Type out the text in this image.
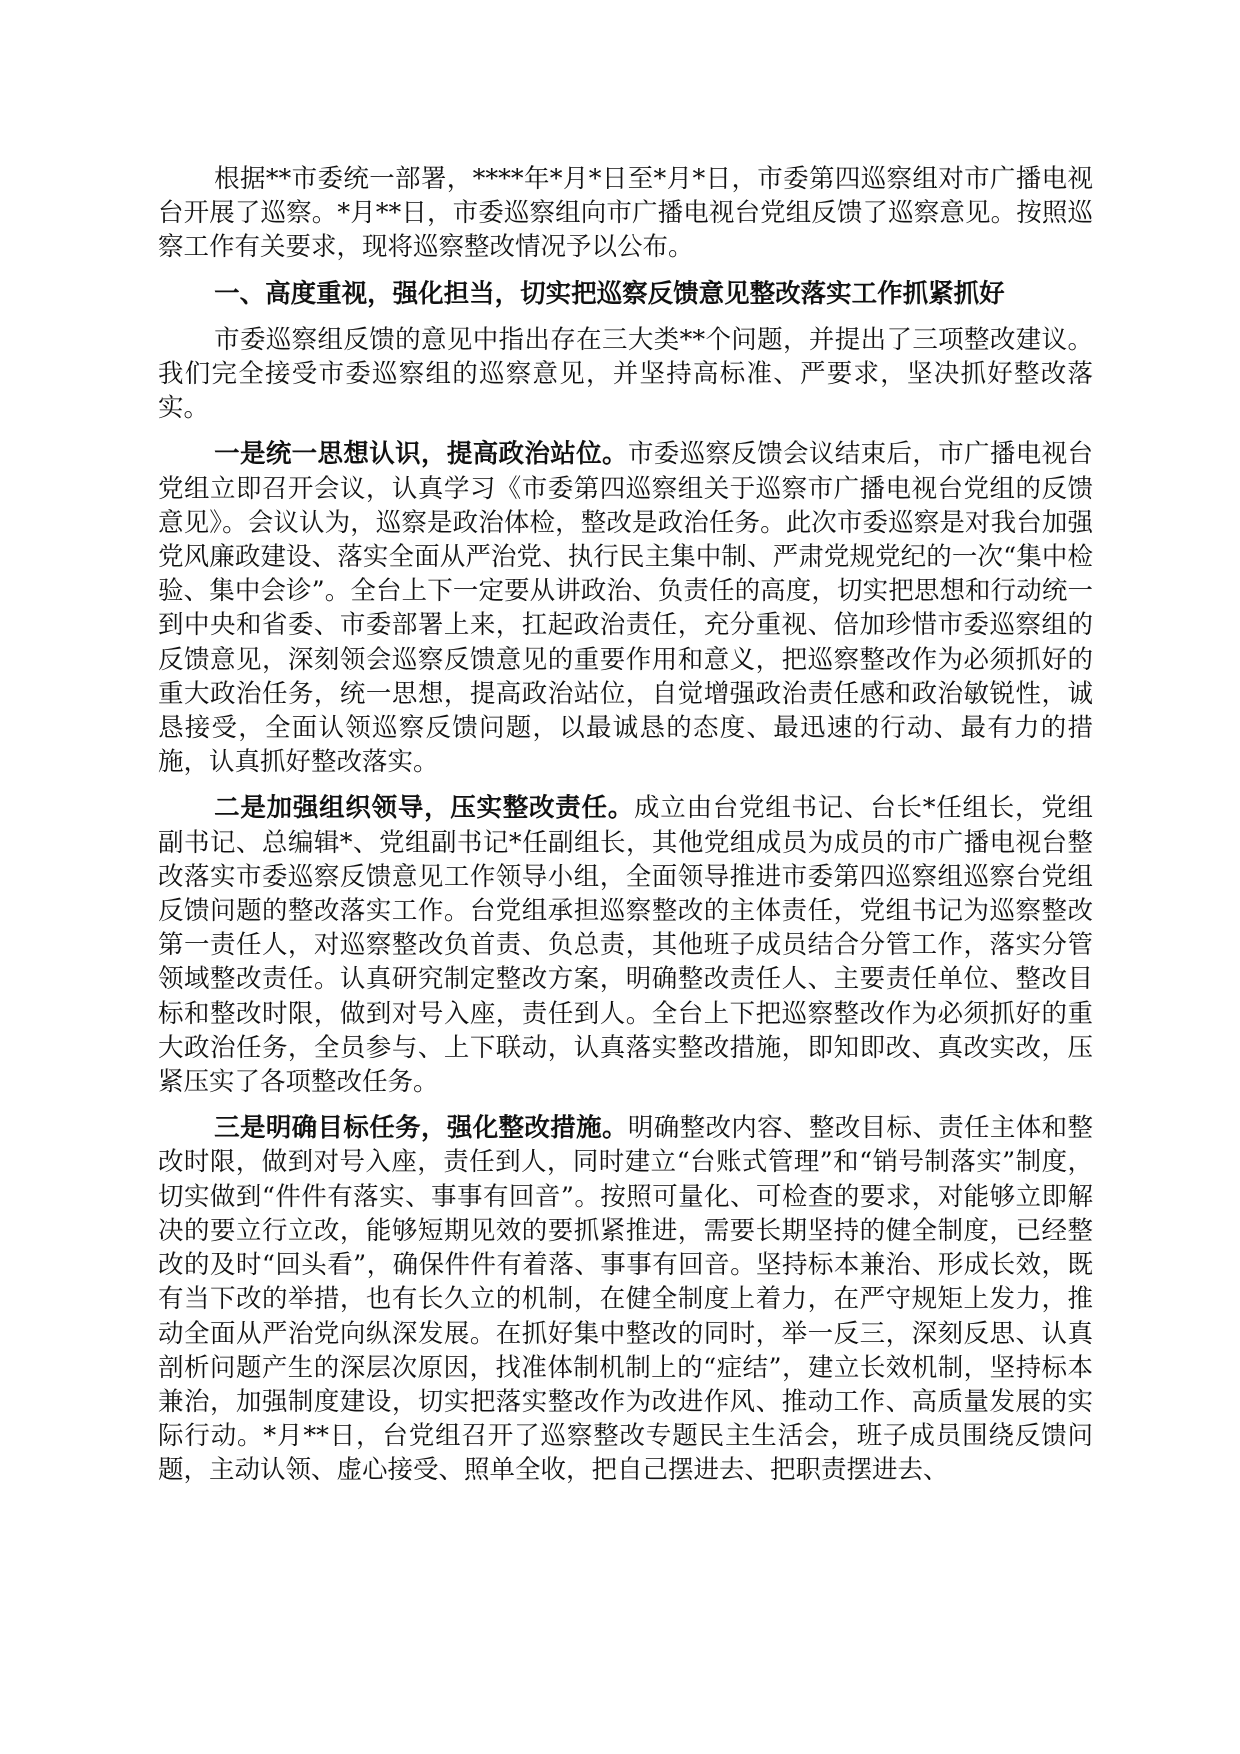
根据**市委统一部署，****年*月*日至*月*日，市委第四巡察组对市广播电视台开展了巡察。*月**日，市委巡察组向市广播电视台党组反馈了巡察意见。按照巡察工作有关要求，现将巡察整改情况予以公布。

一、高度重视，强化担当，切实把巡察反馈意见整改落实工作抓紧抓好

市委巡察组反馈的意见中指出存在三大类**个问题，并提出了三项整改建议。我们完全接受市委巡察组的巡察意见，并坚持高标准、严要求，坚决抓好整改落实。

一是统一思想认识，提高政治站位。市委巡察反馈会议结束后，市广播电视台党组立即召开会议，认真学习《市委第四巡察组关于巡察市广播电视台党组的反馈意见》。会议认为，巡察是政治体检，整改是政治任务。此次市委巡察是对我台加强党风廉政建设、落实全面从严治党、执行民主集中制、严肃党规党纪的一次“集中检验、集中会诊”。全台上下一定要从讲政治、负责任的高度，切实把思想和行动统一到中央和省委、市委部署上来，扛起政治责任，充分重视、倍加珍惜市委巡察组的反馈意见，深刻领会巡察反馈意见的重要作用和意义，把巡察整改作为必须抓好的重大政治任务，统一思想，提高政治站位，自觉增强政治责任感和政治敏锐性，诚恳接受，全面认领巡察反馈问题，以最诚恳的态度、最迅速的行动、最有力的措施，认真抓好整改落实。

二是加强组织领导，压实整改责任。成立由台党组书记、台长*任组长，党组副书记、总编辑*、党组副书记*任副组长，其他党组成员为成员的市广播电视台整改落实市委巡察反馈意见工作领导小组，全面领导推进市委第四巡察组巡察台党组反馈问题的整改落实工作。台党组承担巡察整改的主体责任，党组书记为巡察整改第一责任人，对巡察整改负首责、负总责，其他班子成员结合分管工作，落实分管领域整改责任。认真研究制定整改方案，明确整改责任人、主要责任单位、整改目标和整改时限，做到对号入座，责任到人。全台上下把巡察整改作为必须抓好的重大政治任务，全员参与、上下联动，认真落实整改措施，即知即改、真改实改，压紧压实了各项整改任务。

三是明确目标任务，强化整改措施。明确整改内容、整改目标、责任主体和整改时限，做到对号入座，责任到人，同时建立“台账式管理”和“销号制落实”制度，切实做到“件件有落实、事事有回音”。按照可量化、可检查的要求，对能够立即解决的要立行立改，能够短期见效的要抓紧推进，需要长期坚持的健全制度，已经整改的及时“回头看”，确保件件有着落、事事有回音。坚持标本兼治、形成长效，既有当下改的举措，也有长久立的机制，在健全制度上着力，在严守规矩上发力，推动全面从严治党向纵深发展。在抓好集中整改的同时，举一反三，深刻反思、认真剖析问题产生的深层次原因，找准体制机制上的“症结”，建立长效机制，坚持标本兼治，加强制度建设，切实把落实整改作为改进作风、推动工作、高质量发展的实际行动。*月**日，台党组召开了巡察整改专题民主生活会，班子成员围绕反馈问题，主动认领、虚心接受、照单全收，把自己摆进去、把职责摆进去、
